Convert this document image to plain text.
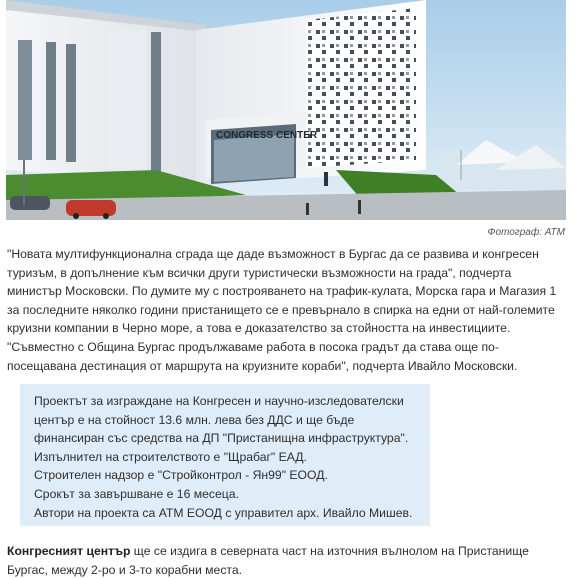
CONGRESS CENTER
Фотограф: АТМ

"Новата мултифункционална сграда ще даде възможност в Бургас да се развива и конгресен туризъм, в допълнение към всички други туристически възможности на града", подчерта министър Московски. По думите му с построяването на трафик-кулата, Морска гара и Магазия 1 за последните няколко години пристанището се е превърнало в спирка на едни от най-големите круизни компании в Черно море, а това е доказателство за стойността на инвестициите. "Съвместно с Община Бургас продължаваме работа в посока градът да става още по-посещавана дестинация от маршрута на круизните кораби", подчерта Ивайло Московски.

Проектът за изграждане на Конгресен и научно-изследователски център е на стойност 13.6 млн. лева без ДДС и ще бъде финансиран със средства на ДП "Пристанищна инфраструктура".

Изпълнител на строителството е "Щрабаг" ЕАД.

Строителен надзор е "Стройконтрол - Ян99" ЕООД.

Срокът за завършване е 16 месеца.

Автори на проекта са АТМ ЕООД с управител арх. Ивайло Мишев.

Конгресният център ще се издига в северната част на източния вълнолом на Пристанище Бургас, между 2-ро и 3-то корабни места.
